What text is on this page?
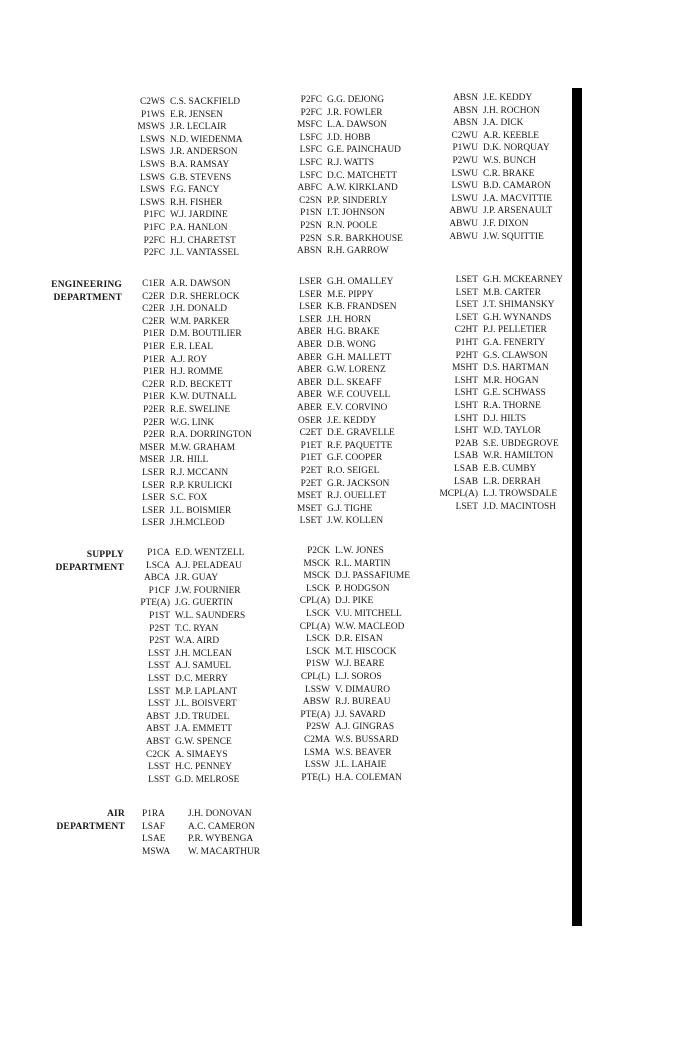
C2WS C.S. SACKFIELD
P1WS E.R. JENSEN
MSWS J.R. LECLAIR
LSWS N.D. WIEDENMA
LSWS J.R. ANDERSON
LSWS B.A. RAMSAY
LSWS G.B. STEVENS
LSWS F.G. FANCY
LSWS R.H. FISHER
P1FC W.J. JARDINE
P1FC P.A. HANLON
P2FC H.J. CHARETST
P2FC J.L. VANTASSEL
P2FC G.G. DEJONG
P2FC J.R. FOWLER
MSFC L.A. DAWSON
LSFC J.D. HOBB
LSFC G.E. PAINCHAUD
LSFC R.J. WATTS
LSFC D.C. MATCHETT
ABFC A.W. KIRKLAND
C2SN P.P. SINDERLY
P1SN I.T. JOHNSON
P2SN R.N. POOLE
P2SN S.R. BARKHOUSE
ABSN R.H. GARROW
ABSN J.E. KEDDY
ABSN J.H. ROCHON
ABSN J.A. DICK
C2WU A.R. KEEBLE
P1WU D.K. NORQUAY
P2WU W.S. BUNCH
LSWU C.R. BRAKE
LSWU B.D. CAMARON
LSWU J.A. MACVITTIE
ABWU J.P. ARSENAULT
ABWU J.F. DIXON
ABWU J.W. SQUITTIE
ENGINEERING
DEPARTMENT
C1ER A.R. DAWSON
C2ER D.R. SHERLOCK
C2ER J.H. DONALD
C2ER W.M. PARKER
P1ER D.M. BOUTILIER
P1ER E.R. LEAL
P1ER A.J. ROY
P1ER H.J. ROMME
C2ER R.D. BECKETT
P1ER K.W. DUTNALL
P2ER R.E. SWELINE
P2ER W.G. LINK
P2ER R.A. DORRINGTON
MSER M.W. GRAHAM
MSER J.R. HILL
LSER R.J. MCCANN
LSER R.P. KRULICKI
LSER S.C. FOX
LSER J.L. BOISMIER
LSER J.H.MCLEOD
LSER G.H. OMALLEY
LSER M.E. PIPPY
LSER K.B. FRANDSEN
LSER J.H. HORN
ABER H.G. BRAKE
ABER D.B. WONG
ABER G.H. MALLETT
ABER G.W. LORENZ
ABER D.L. SKEAFF
ABER W.F. COUVELL
ABER E.V. CORVINO
OSER J.E. KEDDY
C2ET D.E. GRAVELLE
P1ET R.F. PAQUETTE
P1ET G.F. COOPER
P2ET R.O. SEIGEL
P2ET G.R. JACKSON
MSET R.J. OUELLET
MSET G.J. TIGHE
LSET J.W. KOLLEN
LSET G.H. MCKEARNEY
LSET M.B. CARTER
LSET J.T. SHIMANSKY
LSET G.H. WYNANDS
C2HT P.J. PELLETIER
P1HT G.A. FENERTY
P2HT G.S. CLAWSON
MSHT D.S. HARTMAN
LSHT M.R. HOGAN
LSHT G.E. SCHWASS
LSHT R.A. THORNE
LSHT D.J. HILTS
LSHT W.D. TAYLOR
P2AB S.E. UBDEGROVE
LSAB W.R. HAMILTON
LSAB E.B. CUMBY
LSAB L.R. DERRAH
MCPL(A) L.J. TROWSDALE
LSET J.D. MACINTOSH
SUPPLY
DEPARTMENT
P1CA E.D. WENTZELL
LSCA A.J. PELADEAU
ABCA J.R. GUAY
P1CF J.W. FOURNIER
PTE(A) J.G. GUERTIN
P1ST W.L. SAUNDERS
P2ST T.C. RYAN
P2ST W.A. AIRD
LSST J.H. MCLEAN
LSST A.J. SAMUEL
LSST D.C. MERRY
LSST M.P. LAPLANT
LSST J.L. BOISVERT
ABST J.D. TRUDEL
ABST J.A. EMMETT
ABST G.W. SPENCE
C2CK A. SIMAEYS
LSST H.C. PENNEY
LSST G.D. MELROSE
P2CK L.W. JONES
MSCK R.L. MARTIN
MSCK D.J. PASSAFIUME
LSCK P. HODGSON
CPL(A) D.J. PIKE
LSCK V.U. MITCHELL
CPL(A) W.W. MACLEOD
LSCK D.R. EISAN
LSCK M.T. HISCOCK
P1SW W.J. BEARE
CPL(L) L.J. SOROS
LSSW V. DIMAURO
ABSW R.J. BUREAU
PTE(A) J.J. SAVARD
P2SW A.J. GINGRAS
C2MA W.S. BUSSARD
LSMA W.S. BEAVER
LSSW J.L. LAHAIE
PTE(L) H.A. COLEMAN
AIR
DEPARTMENT
P1RA	J.H. DONOVAN
LSAF	A.C. CAMERON
LSAE	P.R. WYBENGA
MSWA	W. MACARTHUR
